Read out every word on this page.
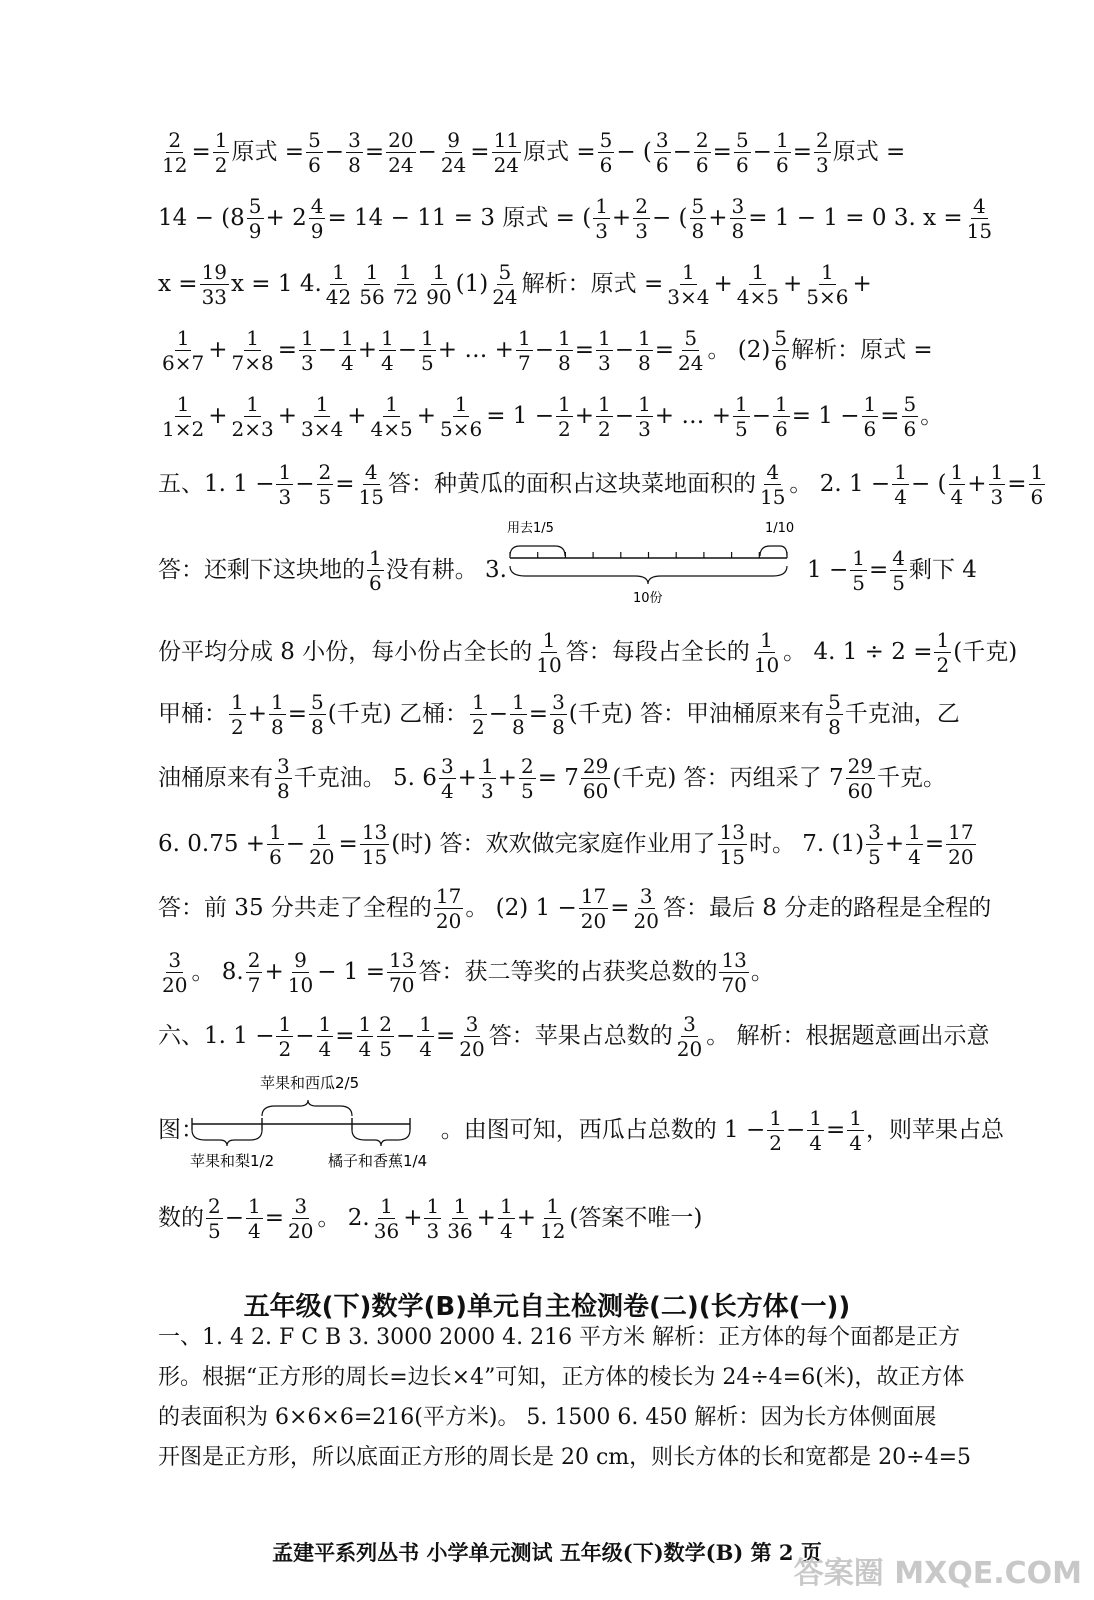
$\frac{2}{12} = \frac{1}{2}$ 原式 = $\frac{5}{6} - \frac{3}{8} = \frac{20}{24} - \frac{9}{24} = \frac{11}{24}$ 原式 = $\frac{5}{6}$ − ( $\frac{3}{6} - \frac{2}{6} = \frac{5}{6} - \frac{1}{6} = \frac{2}{3}$ 原式 =
$14 - (8 \frac{5}{9} + 2 \frac{4}{9} = 14 - 11 = 3$ 原式 = ( $\frac{1}{3} + \frac{2}{3}$ − ( $\frac{5}{8} + \frac{3}{8} = 1 - 1 = 0$ 3. $x = \frac{4}{15}$
$x = \frac{19}{33}$ x = 1 4. $\frac{1}{42} \frac{1}{56} \frac{1}{72} \frac{1}{90} (1) \frac{5}{24}$ 解析：原式 = $\frac{1}{3\times 4} + \frac{1}{4\times 5} + \frac{1}{5\times 6}$ +
$\frac{1}{6\times 7} + \frac{1}{7\times 8} = \frac{1}{3} - \frac{1}{4} + \frac{1}{4} - \frac{1}{5}$ + … + $\frac{1}{7} - \frac{1}{8} = \frac{1}{3} - \frac{1}{8} = \frac{5}{24}$ 。 $(2) \frac{5}{6}$ 解析：原式 =
$\frac{1}{1\times 2} + \frac{1}{2\times 3} + \frac{1}{3\times 4} + \frac{1}{4\times 5} + \frac{1}{5\times 6} = 1 - \frac{1}{2} + \frac{1}{2} - \frac{1}{3}$ + … + $\frac{1}{5} - \frac{1}{6} = 1 - \frac{1}{6} = \frac{5}{6}$ 。
五、1. $1 - \frac{1}{3} - \frac{2}{5} = \frac{4}{15}$ 答：种黄瓜的面积占这块菜地面积的 $\frac{4}{15}$ 。 2. $1 - \frac{1}{4}$ − ( $\frac{1}{4} + \frac{1}{3} = \frac{1}{6}$
答：还剩下这块地的 $\frac{1}{6}$ 没有耕。 3.	$1 - \frac{1}{5} = \frac{4}{5}$ 剩下 4
份平均分成 8 小份，每小份占全长的 $\frac{1}{10}$ 答：每段占全长的 $\frac{1}{10}$ 。 4. $1 \div 2 = \frac{1}{2}$ (千克)
甲桶： $\frac{1}{2} + \frac{1}{8} = \frac{5}{8}$ (千克) 乙桶： $\frac{1}{2} - \frac{1}{8} = \frac{3}{8}$ (千克) 答：甲油桶原来有 $\frac{5}{8}$ 千克油，乙
油桶原来有 $\frac{3}{8}$ 千克油。 5. $6 \frac{3}{4} + \frac{1}{3} + \frac{2}{5} = 7 \frac{29}{60}$ (千克) 答：丙组采了 $7 \frac{29}{60}$ 千克。
6. $0.75 + \frac{1}{6} - \frac{1}{20} = \frac{13}{15}$ (时) 答：欢欢做完家庭作业用了 $\frac{13}{15}$ 时。 7. $(1) \frac{3}{5} + \frac{1}{4} = \frac{17}{20}$
答：前 35 分共走了全程的 $\frac{17}{20}$ 。 (2) $1 - \frac{17}{20} = \frac{3}{20}$ 答：最后 8 分走的路程是全程的
$\frac{3}{20}$ 。 8. $\frac{2}{7} + \frac{9}{10} - 1 = \frac{13}{70}$ 答：获二等奖的占获奖总数的 $\frac{13}{70}$ 。
六、1. $1 - \frac{1}{2} - \frac{1}{4} = \frac{1}{4} \frac{2}{5} - \frac{1}{4} = \frac{3}{20}$ 答：苹果占总数的 $\frac{3}{20}$ 。 解析：根据题意画出示意
图：	。由图可知，西瓜占总数的 $1 - \frac{1}{2} - \frac{1}{4} = \frac{1}{4}$ ，则苹果占总
数的 $\frac{2}{5} - \frac{1}{4} = \frac{3}{20}$ 。 2. $\frac{1}{36} + \frac{1}{3} \frac{1}{36} + \frac{1}{4} + \frac{1}{12}$ (答案不唯一)
用去1/5	1/10
10份
苹果和西瓜2/5
苹果和梨1/2	橘子和香蕉1/4
五年级(下)数学(B)单元自主检测卷(二)(长方体(一))
一、1. 4 2. F C B 3. 3000 2000 4. 216 平方米 解析：正方体的每个面都是正方
形。根据“正方形的周长=边长×4”可知，正方体的棱长为 24÷4=6(米)，故正方体
的表面积为 6×6×6=216(平方米)。 5. 1500 6. 450 解析：因为长方体侧面展
开图是正方形，所以底面正方形的周长是 20 cm，则长方体的长和宽都是 20÷4=5
孟建平系列丛书 小学单元测试 五年级(下)数学(B) 第 2 页
答案圈 MXQE.COM
